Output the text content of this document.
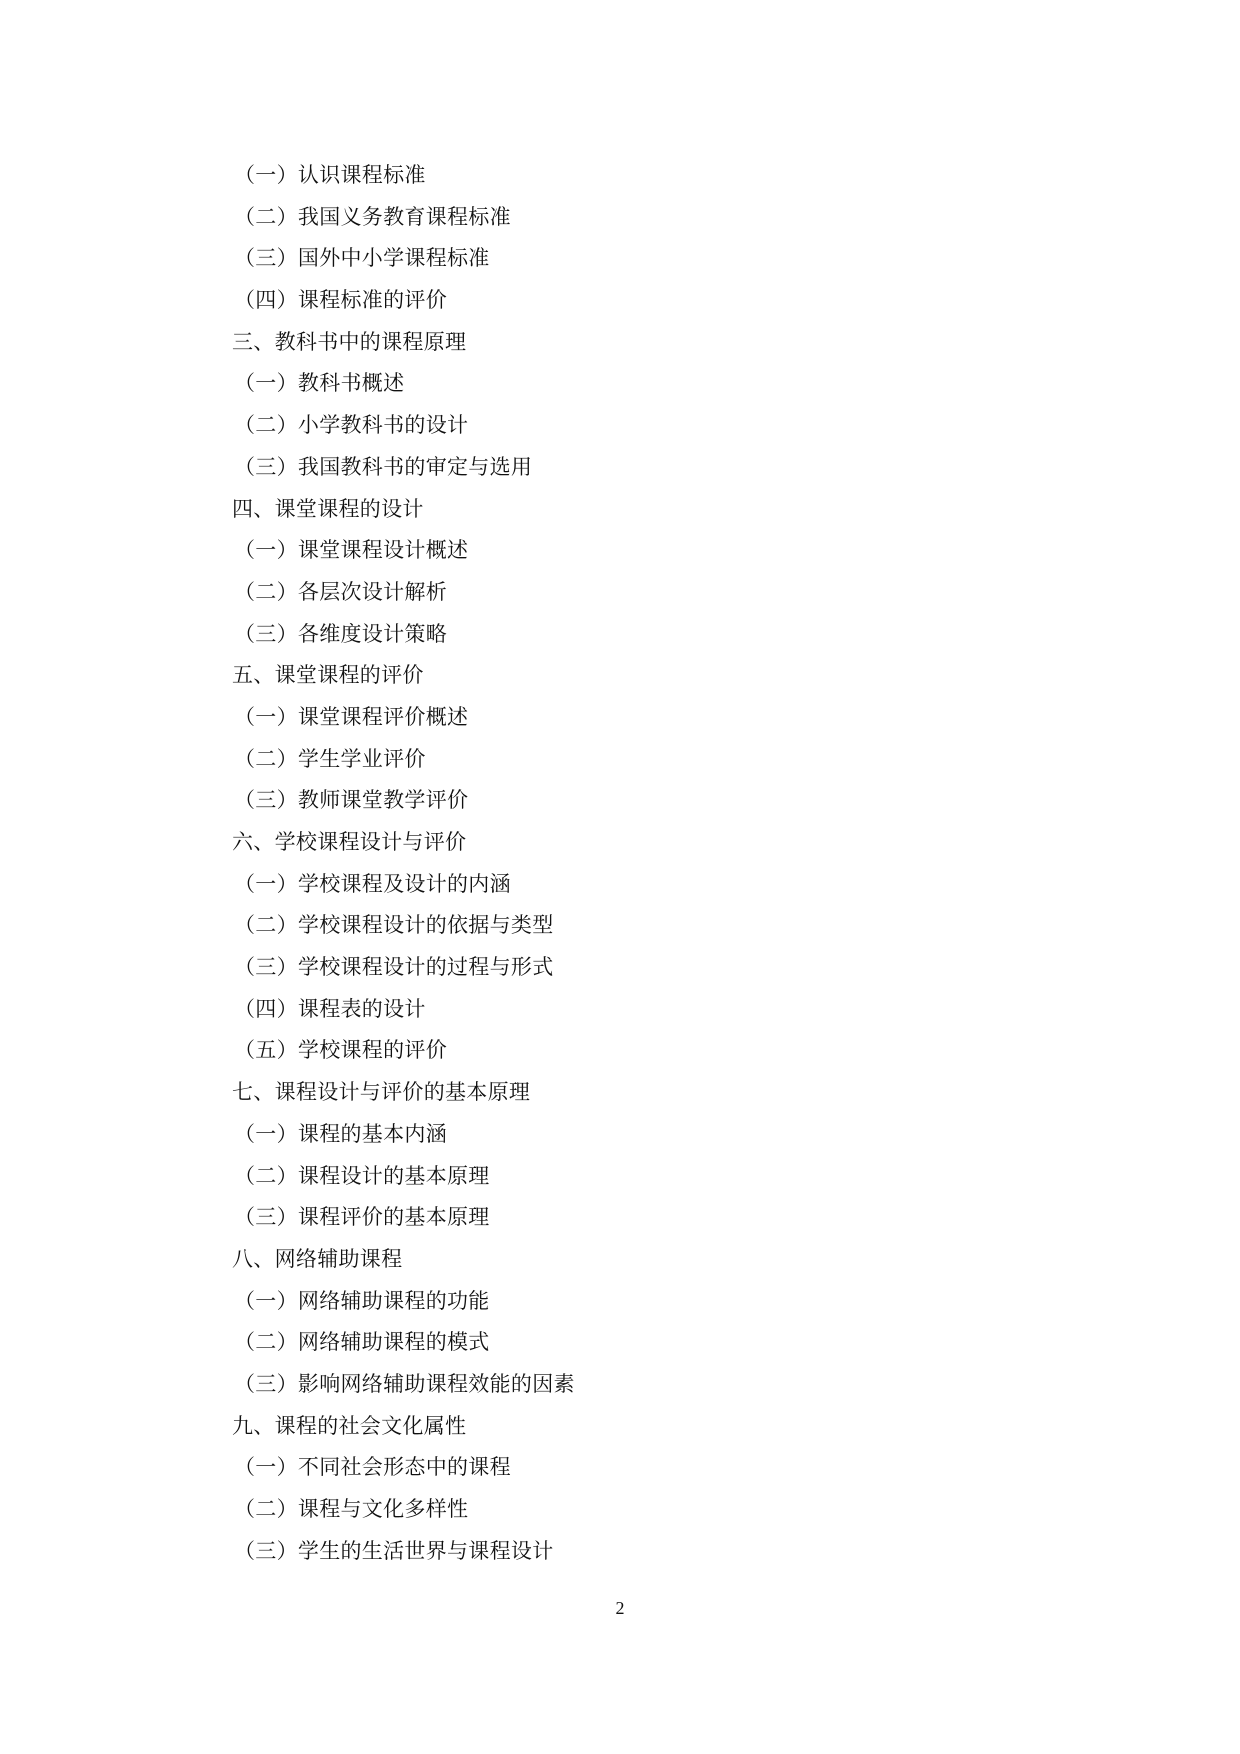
（一）认识课程标准
（二）我国义务教育课程标准
（三）国外中小学课程标准
（四）课程标准的评价
三、教科书中的课程原理
（一）教科书概述
（二）小学教科书的设计
（三）我国教科书的审定与选用
四、课堂课程的设计
（一）课堂课程设计概述
（二）各层次设计解析
（三）各维度设计策略
五、课堂课程的评价
（一）课堂课程评价概述
（二）学生学业评价
（三）教师课堂教学评价
六、学校课程设计与评价
（一）学校课程及设计的内涵
（二）学校课程设计的依据与类型
（三）学校课程设计的过程与形式
（四）课程表的设计
（五）学校课程的评价
七、课程设计与评价的基本原理
（一）课程的基本内涵
（二）课程设计的基本原理
（三）课程评价的基本原理
八、网络辅助课程
（一）网络辅助课程的功能
（二）网络辅助课程的模式
（三）影响网络辅助课程效能的因素
九、课程的社会文化属性
（一）不同社会形态中的课程
（二）课程与文化多样性
（三）学生的生活世界与课程设计
2
